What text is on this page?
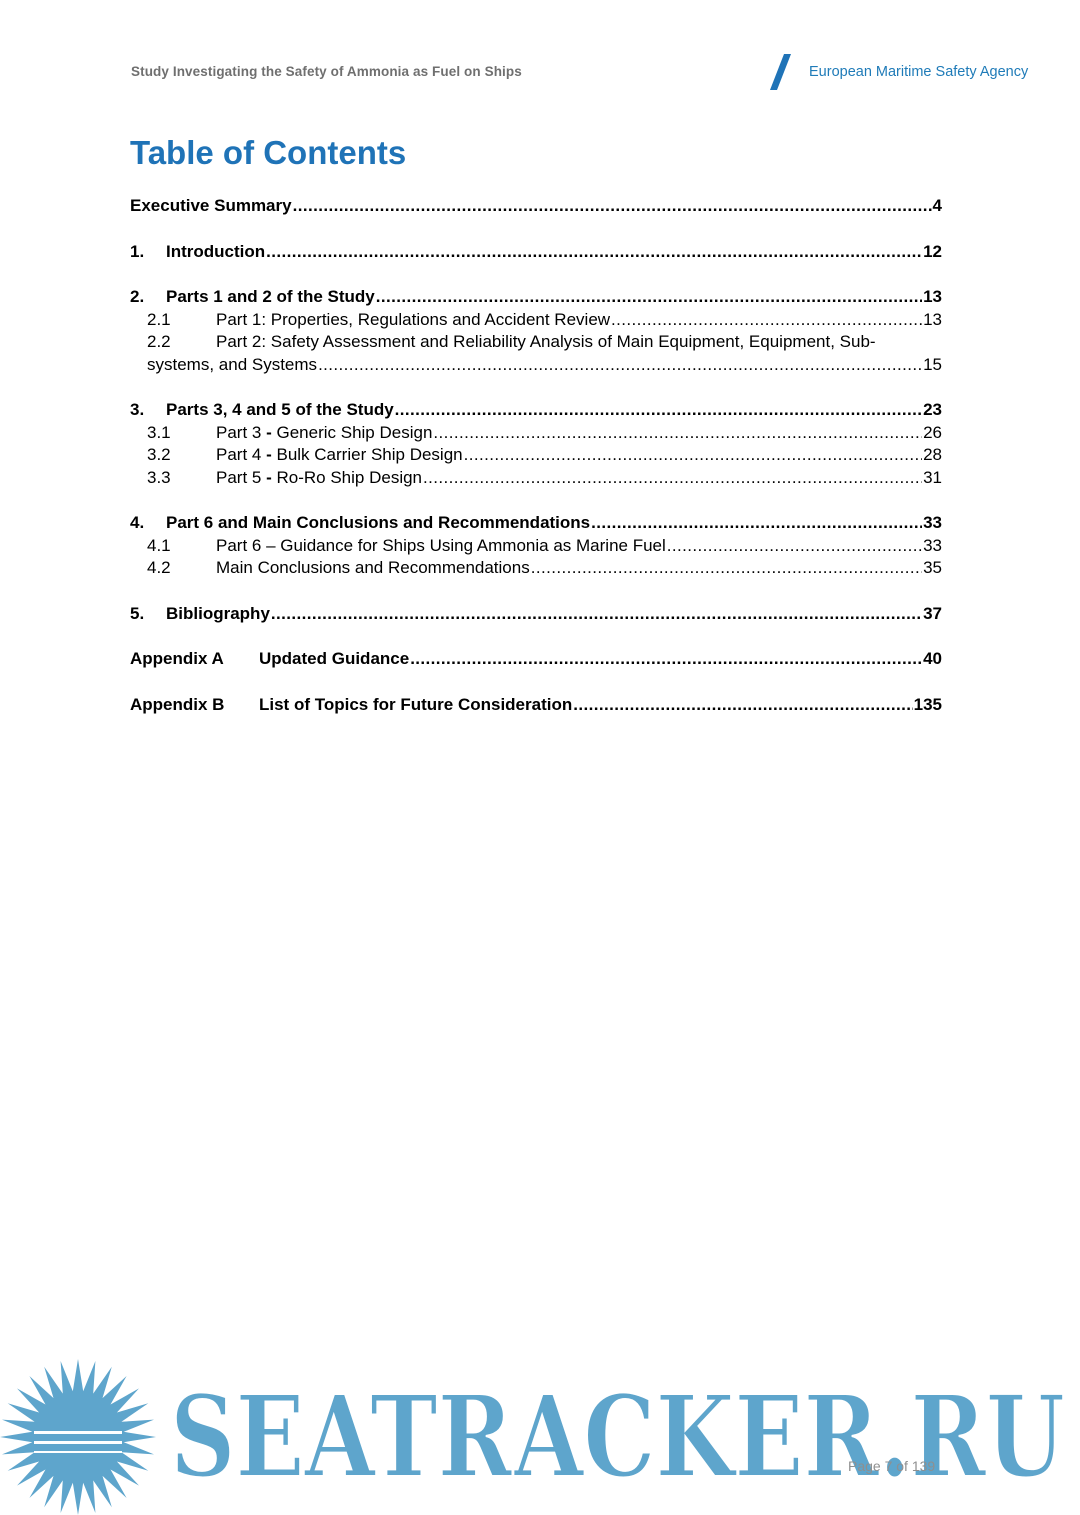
Study Investigating the Safety of Ammonia as Fuel on Ships	European Maritime Safety Agency
Table of Contents
Executive Summary .....	4
1.	Introduction .....	12
2.	Parts 1 and 2 of the Study .....	13
2.1	Part 1: Properties, Regulations and Accident Review .....	13
2.2	Part 2: Safety Assessment and Reliability Analysis of Main Equipment, Equipment, Sub-
systems, and Systems .....	15
3.	Parts 3, 4 and 5 of the Study .....	23
3.1	Part 3 - Generic Ship Design .....	26
3.2	Part 4 - Bulk Carrier Ship Design .....	28
3.3	Part 5 - Ro-Ro Ship Design .....	31
4.	Part 6 and Main Conclusions and Recommendations .....	33
4.1	Part 6 – Guidance for Ships Using Ammonia as Marine Fuel .....	33
4.2	Main Conclusions and Recommendations .....	35
5.	Bibliography .....	37
Appendix A	Updated Guidance .....	40
Appendix B	List of Topics for Future Consideration .....	135
SEATRACKER.RU
Page 7 of 139
